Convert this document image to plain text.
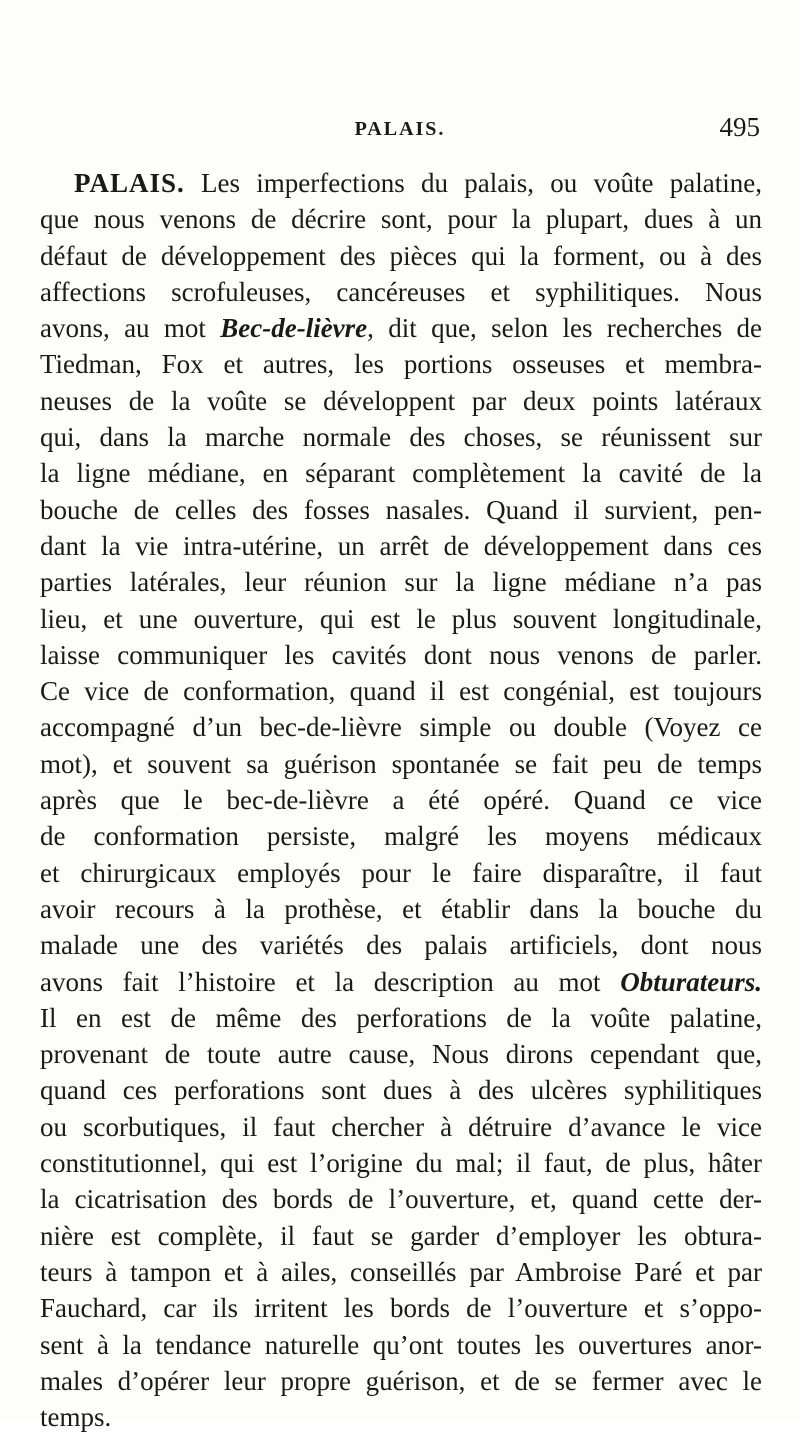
PALAIS.	495
PALAIS. Les imperfections du palais, ou voûte palatine,
que nous venons de décrire sont, pour la plupart, dues à un
défaut de développement des pièces qui la forment, ou à des
affections scrofuleuses, cancéreuses et syphilitiques. Nous
avons, au mot Bec-de-lièvre, dit que, selon les recherches de
Tiedman, Fox et autres, les portions osseuses et membra-
neuses de la voûte se développent par deux points latéraux
qui, dans la marche normale des choses, se réunissent sur
la ligne médiane, en séparant complètement la cavité de la
bouche de celles des fosses nasales. Quand il survient, pen-
dant la vie intra-utérine, un arrêt de développement dans ces
parties latérales, leur réunion sur la ligne médiane n’a pas
lieu, et une ouverture, qui est le plus souvent longitudinale,
laisse communiquer les cavités dont nous venons de parler.
Ce vice de conformation, quand il est congénial, est toujours
accompagné d’un bec-de-lièvre simple ou double (Voyez ce
mot), et souvent sa guérison spontanée se fait peu de temps
après que le bec-de-lièvre a été opéré. Quand ce vice
de conformation persiste, malgré les moyens médicaux
et chirurgicaux employés pour le faire disparaître, il faut
avoir recours à la prothèse, et établir dans la bouche du
malade une des variétés des palais artificiels, dont nous
avons fait l’histoire et la description au mot Obturateurs.
Il en est de même des perforations de la voûte palatine,
provenant de toute autre cause, Nous dirons cependant que,
quand ces perforations sont dues à des ulcères syphilitiques
ou scorbutiques, il faut chercher à détruire d’avance le vice
constitutionnel, qui est l’origine du mal; il faut, de plus, hâter
la cicatrisation des bords de l’ouverture, et, quand cette der-
nière est complète, il faut se garder d’employer les obtura-
teurs à tampon et à ailes, conseillés par Ambroise Paré et par
Fauchard, car ils irritent les bords de l’ouverture et s’oppo-
sent à la tendance naturelle qu’ont toutes les ouvertures anor-
males d’opérer leur propre guérison, et de se fermer avec le
temps.
